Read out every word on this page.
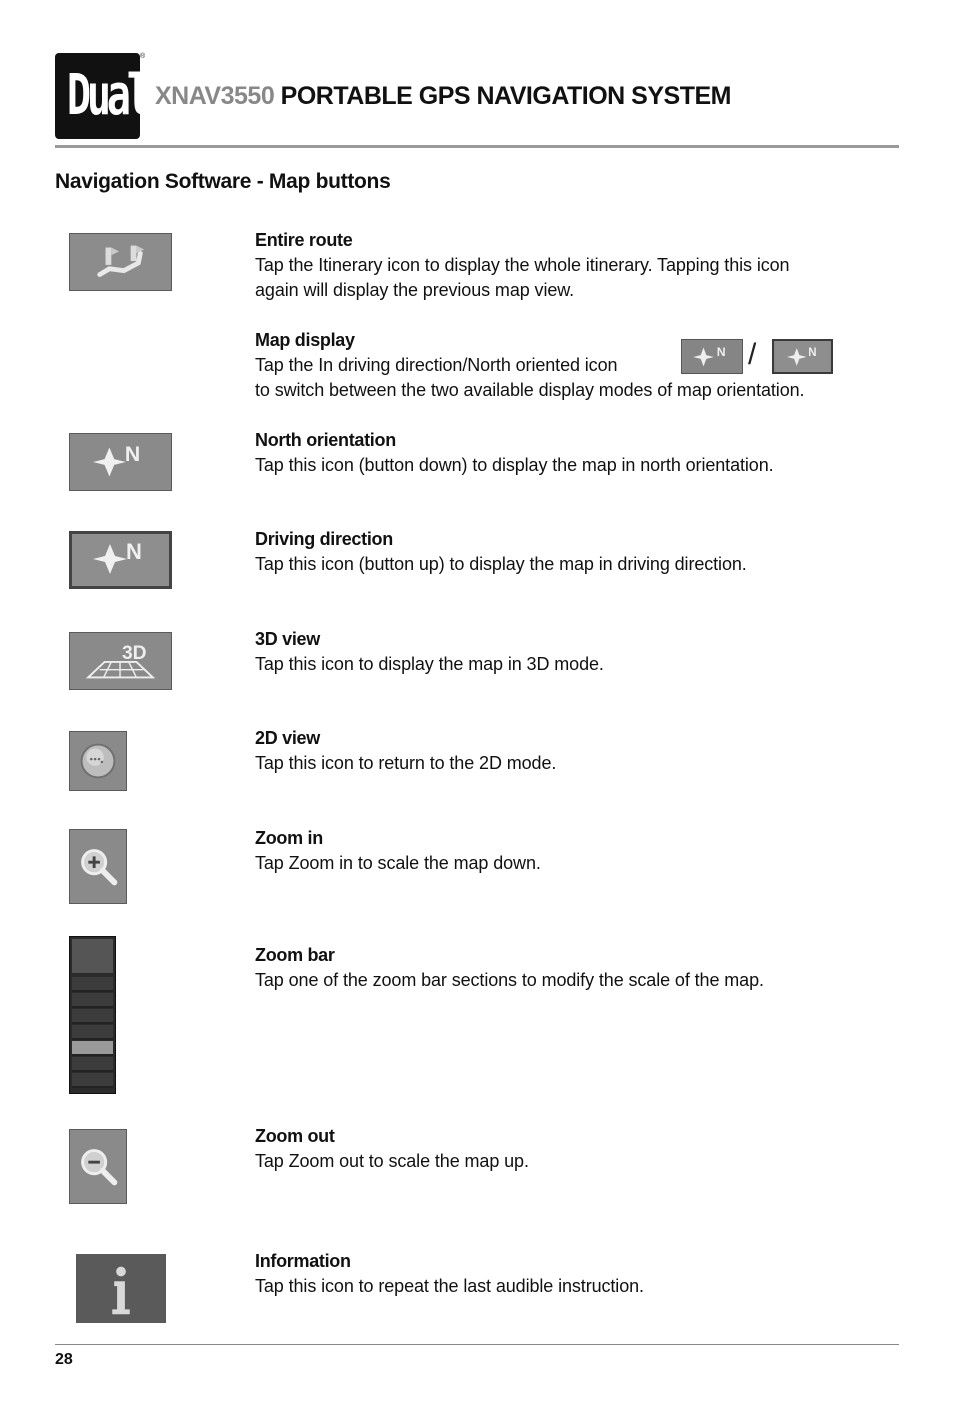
Dual
®
XNAV3550 PORTABLE GPS NAVIGATION SYSTEM
Navigation Software - Map buttons
Entire route
Tap the Itinerary icon to display the whole itinerary. Tapping this icon
again will display the previous map view.
Map display
Tap the In driving direction/North oriented icon
to switch between the two available display modes of map orientation.
N /	N
N
North orientation
Tap this icon (button down) to display the map in north orientation.
N	Driving direction
Tap this icon (button up) to display the map in driving direction.
3D
3D view
Tap this icon to display the map in 3D mode.
2D view
Tap this icon to return to the 2D mode.
Zoom in
Tap Zoom in to scale the map down.
Zoom bar
Tap one of the zoom bar sections to modify the scale of the map.
Zoom out
Tap Zoom out to scale the map up.
Information
Tap this icon to repeat the last audible instruction.
28
